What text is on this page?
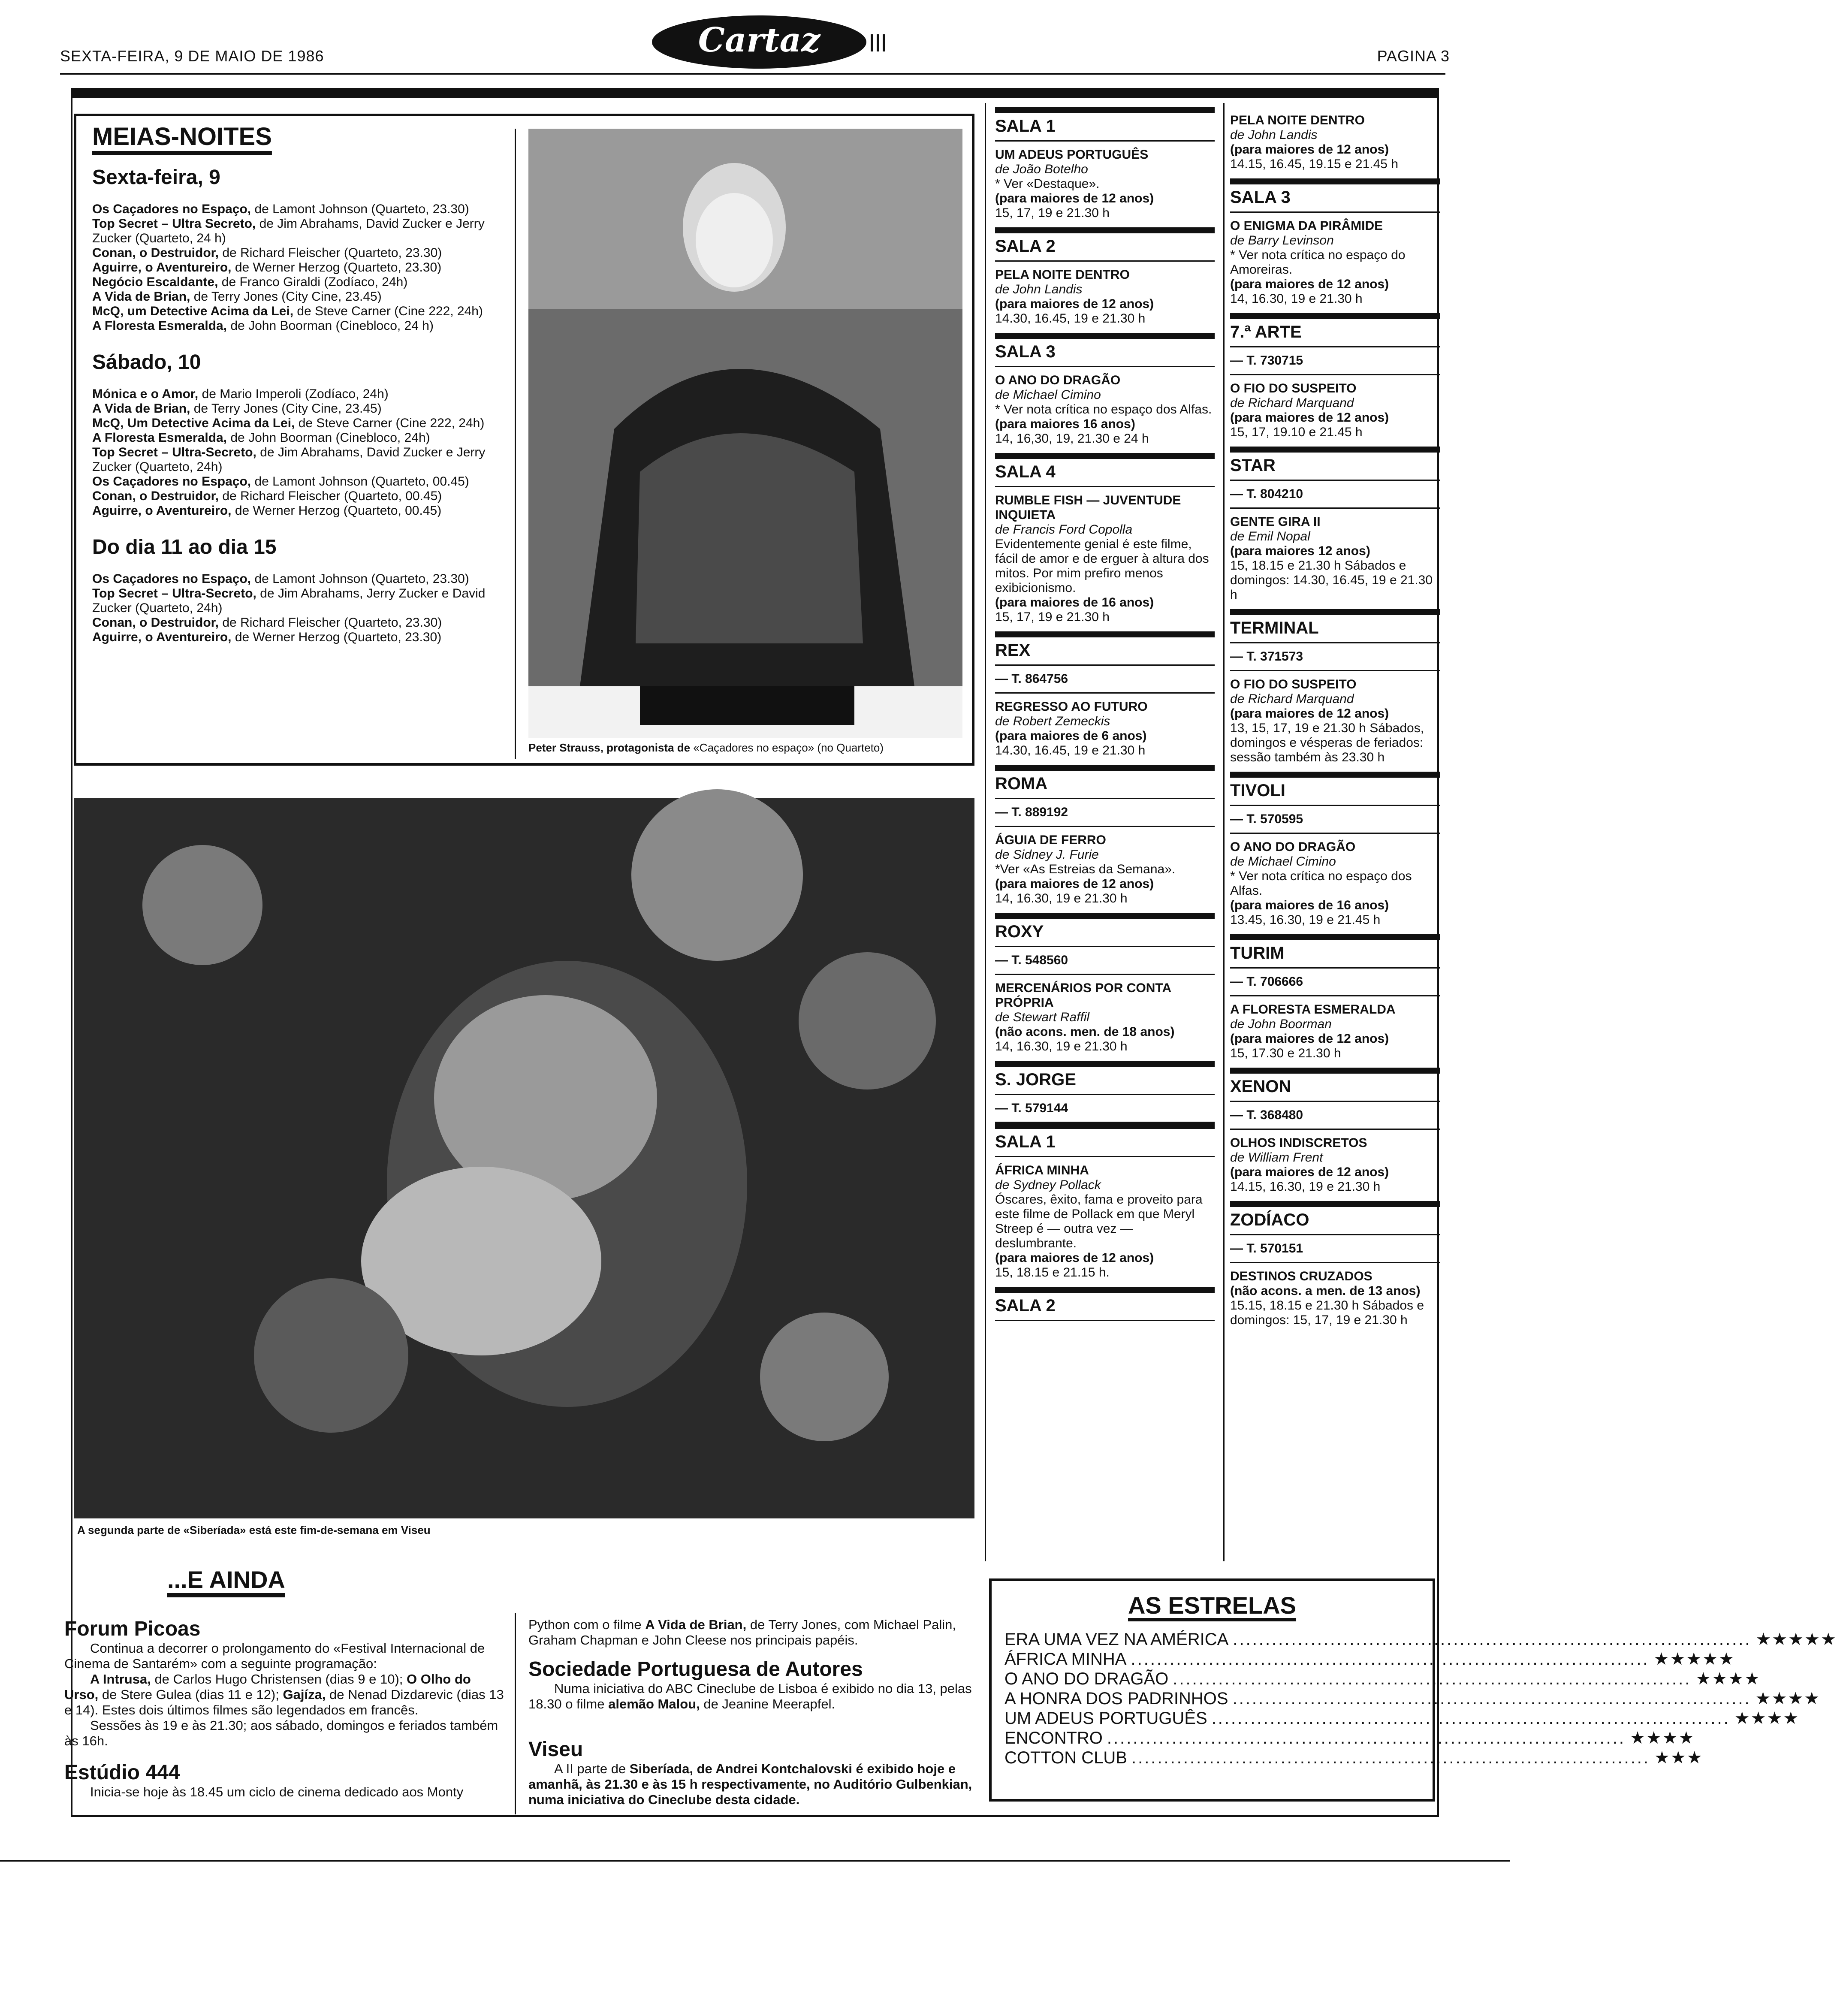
SEXTA-FEIRA, 9 DE MAIO DE 1986	Cartaz	PAGINA 3
MEIAS-NOITES
Sexta-feira, 9
Os Caçadores no Espaço, de Lamont Johnson (Quarteto, 23.30)
Top Secret – Ultra Secreto, de Jim Abrahams, David Zucker e Jerry Zucker (Quarteto, 24 h)
Conan, o Destruidor, de Richard Fleischer (Quarteto, 23.30)
Aguirre, o Aventureiro, de Werner Herzog (Quarteto, 23.30)
Negócio Escaldante, de Franco Giraldi (Zodíaco, 24h)
A Vida de Brian, de Terry Jones (City Cine, 23.45)
McQ, um Detective Acima da Lei, de Steve Carner (Cine 222, 24h)
A Floresta Esmeralda, de John Boorman (Cinebloco, 24 h)
Sábado, 10
Mónica e o Amor, de Mario Imperoli (Zodíaco, 24h)
A Vida de Brian, de Terry Jones (City Cine, 23.45)
McQ, Um Detective Acima da Lei, de Steve Carner (Cine 222, 24h)
A Floresta Esmeralda, de John Boorman (Cinebloco, 24h)
Top Secret – Ultra-Secreto, de Jim Abrahams, David Zucker e Jerry Zucker (Quarteto, 24h)
Os Caçadores no Espaço, de Lamont Johnson (Quarteto, 00.45)
Conan, o Destruidor, de Richard Fleischer (Quarteto, 00.45)
Aguirre, o Aventureiro, de Werner Herzog (Quarteto, 00.45)
Do dia 11 ao dia 15
Os Caçadores no Espaço, de Lamont Johnson (Quarteto, 23.30)
Top Secret – Ultra-Secreto, de Jim Abrahams, Jerry Zucker e David Zucker (Quarteto, 24h)
Conan, o Destruidor, de Richard Fleischer (Quarteto, 23.30)
Aguirre, o Aventureiro, de Werner Herzog (Quarteto, 23.30)
Peter Strauss, protagonista de «Caçadores no espaço» (no Quarteto)
A segunda parte de «Siberíada» está este fim-de-semana em Viseu
...E AINDA
Forum Picoas
Continua a decorrer o prolongamento do «Festival Internacional de Cinema de Santarém» com a seguinte programação:
A Intrusa, de Carlos Hugo Christensen (dias 9 e 10); O Olho do Urso, de Stere Gulea (dias 11 e 12); Gajíza, de Nenad Dizdarevic (dias 13 e 14). Estes dois últimos filmes são legendados em francês.
Sessões às 19 e às 21.30; aos sábado, domingos e feriados também às 16h.
Estúdio 444
Inicia-se hoje às 18.45 um ciclo de cinema dedicado aos Monty
Python com o filme A Vida de Brian, de Terry Jones, com Michael Palin, Graham Chapman e John Cleese nos principais papéis.
Sociedade Portuguesa de Autores
Numa iniciativa do ABC Cineclube de Lisboa é exibido no dia 13, pelas 18.30 o filme alemão Malou, de Jeanine Meerapfel.
Viseu
A II parte de Siberíada, de Andrei Kontchalovski é exibido hoje e amanhã, às 21.30 e às 15 h respectivamente, no Auditório Gulbenkian, numa iniciativa do Cineclube desta cidade.
SALA 1
UM ADEUS PORTUGUÊS
de João Botelho
* Ver «Destaque».
(para maiores de 12 anos)
15, 17, 19 e 21.30 h
SALA 2
PELA NOITE DENTRO
de John Landis
(para maiores de 12 anos)
14.30, 16.45, 19 e 21.30 h
SALA 3
O ANO DO DRAGÃO
de Michael Cimino
* Ver nota crítica no espaço dos Alfas.
(para maiores 16 anos)
14, 16,30, 19, 21.30 e 24 h
SALA 4
RUMBLE FISH — JUVENTUDE INQUIETA
de Francis Ford Copolla
Evidentemente genial é este filme, fácil de amor e de erguer à altura dos mitos. Por mim prefiro menos exibicionismo.
(para maiores de 16 anos)
15, 17, 19 e 21.30 h
REX
— T. 864756
REGRESSO AO FUTURO
de Robert Zemeckis
(para maiores de 6 anos)
14.30, 16.45, 19 e 21.30 h
ROMA
— T. 889192
ÁGUIA DE FERRO
de Sidney J. Furie
*Ver «As Estreias da Semana».
(para maiores de 12 anos)
14, 16.30, 19 e 21.30 h
ROXY
— T. 548560
MERCENÁRIOS POR CONTA PRÓPRIA
de Stewart Raffil
(não acons. men. de 18 anos)
14, 16.30, 19 e 21.30 h
S. JORGE
— T. 579144
SALA 1
ÁFRICA MINHA
de Sydney Pollack
Óscares, êxito, fama e proveito para este filme de Pollack em que Meryl Streep é — outra vez — deslumbrante.
(para maiores de 12 anos)
15, 18.15 e 21.15 h.
SALA 2
PELA NOITE DENTRO
de John Landis
(para maiores de 12 anos)
14.15, 16.45, 19.15 e 21.45 h
SALA 3
O ENIGMA DA PIRÂMIDE
de Barry Levinson
* Ver nota crítica no espaço do Amoreiras.
(para maiores de 12 anos)
14, 16.30, 19 e 21.30 h
7.ª ARTE
— T. 730715
O FIO DO SUSPEITO
de Richard Marquand
(para maiores de 12 anos)
15, 17, 19.10 e 21.45 h
STAR
— T. 804210
GENTE GIRA II
de Emil Nopal
(para maiores 12 anos)
15, 18.15 e 21.30 h Sábados e domingos: 14.30, 16.45, 19 e 21.30 h
TERMINAL
— T. 371573
O FIO DO SUSPEITO
de Richard Marquand
(para maiores de 12 anos)
13, 15, 17, 19 e 21.30 h Sábados, domingos e vésperas de feriados: sessão também às 23.30 h
TIVOLI
— T. 570595
O ANO DO DRAGÃO
de Michael Cimino
* Ver nota crítica no espaço dos Alfas.
(para maiores de 16 anos)
13.45, 16.30, 19 e 21.45 h
TURIM
— T. 706666
A FLORESTA ESMERALDA
de John Boorman
(para maiores de 12 anos)
15, 17.30 e 21.30 h
XENON
— T. 368480
OLHOS INDISCRETOS
de William Frent
(para maiores de 12 anos)
14.15, 16.30, 19 e 21.30 h
ZODÍACO
— T. 570151
DESTINOS CRUZADOS
(não acons. a men. de 13 anos)
15.15, 18.15 e 21.30 h Sábados e domingos: 15, 17, 19 e 21.30 h
AS ESTRELAS
ERA UMA VEZ NA AMÉRICA ................................................................................ ★★★★★
ÁFRICA MINHA ................................................................................ ★★★★★
O ANO DO DRAGÃO ................................................................................ ★★★★
A HONRA DOS PADRINHOS ................................................................................ ★★★★
UM ADEUS PORTUGUÊS ................................................................................ ★★★★
ENCONTRO ................................................................................ ★★★★
COTTON CLUB ................................................................................ ★★★
